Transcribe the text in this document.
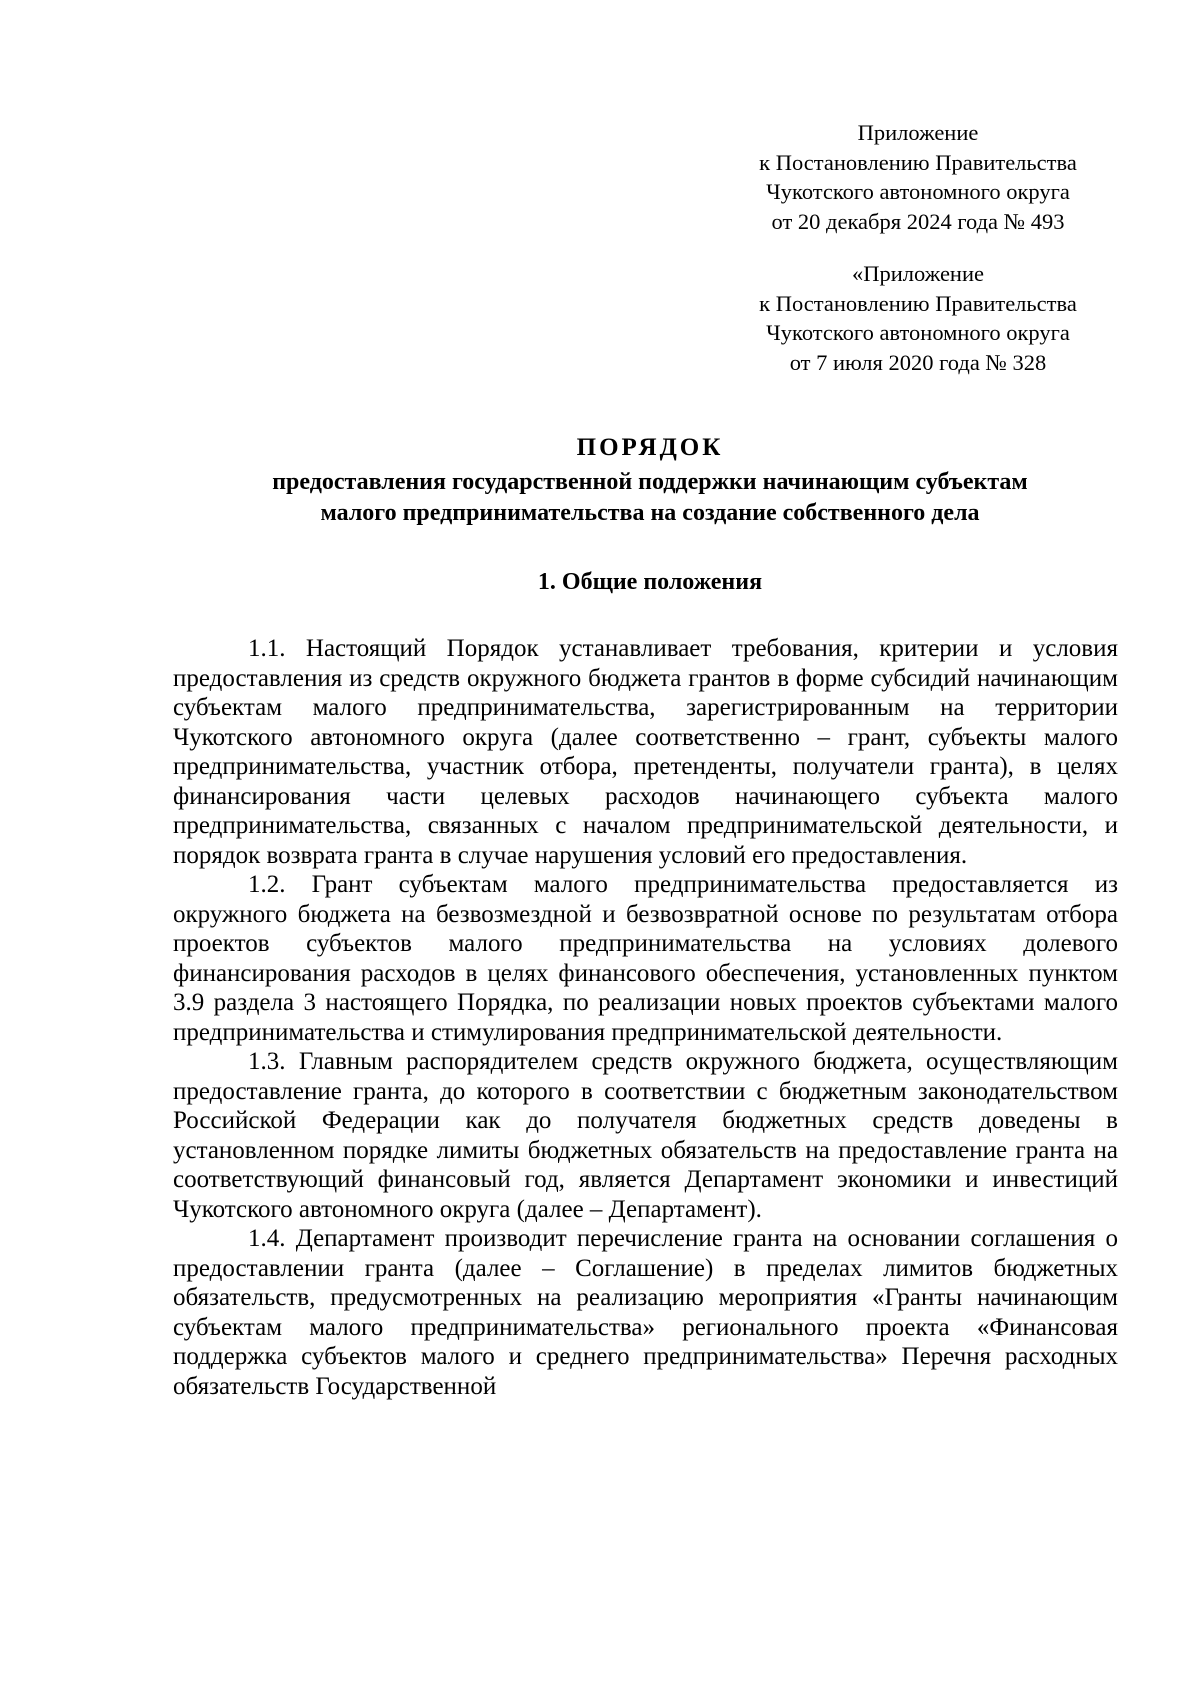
Приложение
к Постановлению Правительства
Чукотского автономного округа
от 20 декабря 2024 года № 493
«Приложение
к Постановлению Правительства
Чукотского автономного округа
от 7 июля 2020 года № 328
ПОРЯДОК
предоставления государственной поддержки начинающим субъектам
малого предпринимательства на создание собственного дела
1. Общие положения

1.1. Настоящий Порядок устанавливает требования, критерии и условия предоставления из средств окружного бюджета грантов в форме субсидий начинающим субъектам малого предпринимательства, зарегистрированным на территории Чукотского автономного округа (далее соответственно – грант, субъекты малого предпринимательства, участник отбора, претенденты, получатели гранта), в целях финансирования части целевых расходов начинающего субъекта малого предпринимательства, связанных с началом предпринимательской деятельности, и порядок возврата гранта в случае нарушения условий его предоставления.

1.2. Грант субъектам малого предпринимательства предоставляется из окружного бюджета на безвозмездной и безвозвратной основе по результатам отбора проектов субъектов малого предпринимательства на условиях долевого финансирования расходов в целях финансового обеспечения, установленных пунктом 3.9 раздела 3 настоящего Порядка, по реализации новых проектов субъектами малого предпринимательства и стимулирования предпринимательской деятельности.

1.3. Главным распорядителем средств окружного бюджета, осуществляющим предоставление гранта, до которого в соответствии с бюджетным законодательством Российской Федерации как до получателя бюджетных средств доведены в установленном порядке лимиты бюджетных обязательств на предоставление гранта на соответствующий финансовый год, является Департамент экономики и инвестиций Чукотского автономного округа (далее – Департамент).

1.4. Департамент производит перечисление гранта на основании соглашения о предоставлении гранта (далее – Соглашение) в пределах лимитов бюджетных обязательств, предусмотренных на реализацию мероприятия «Гранты начинающим субъектам малого предпринимательства» регионального проекта «Финансовая поддержка субъектов малого и среднего предпринимательства» Перечня расходных обязательств Государственной
